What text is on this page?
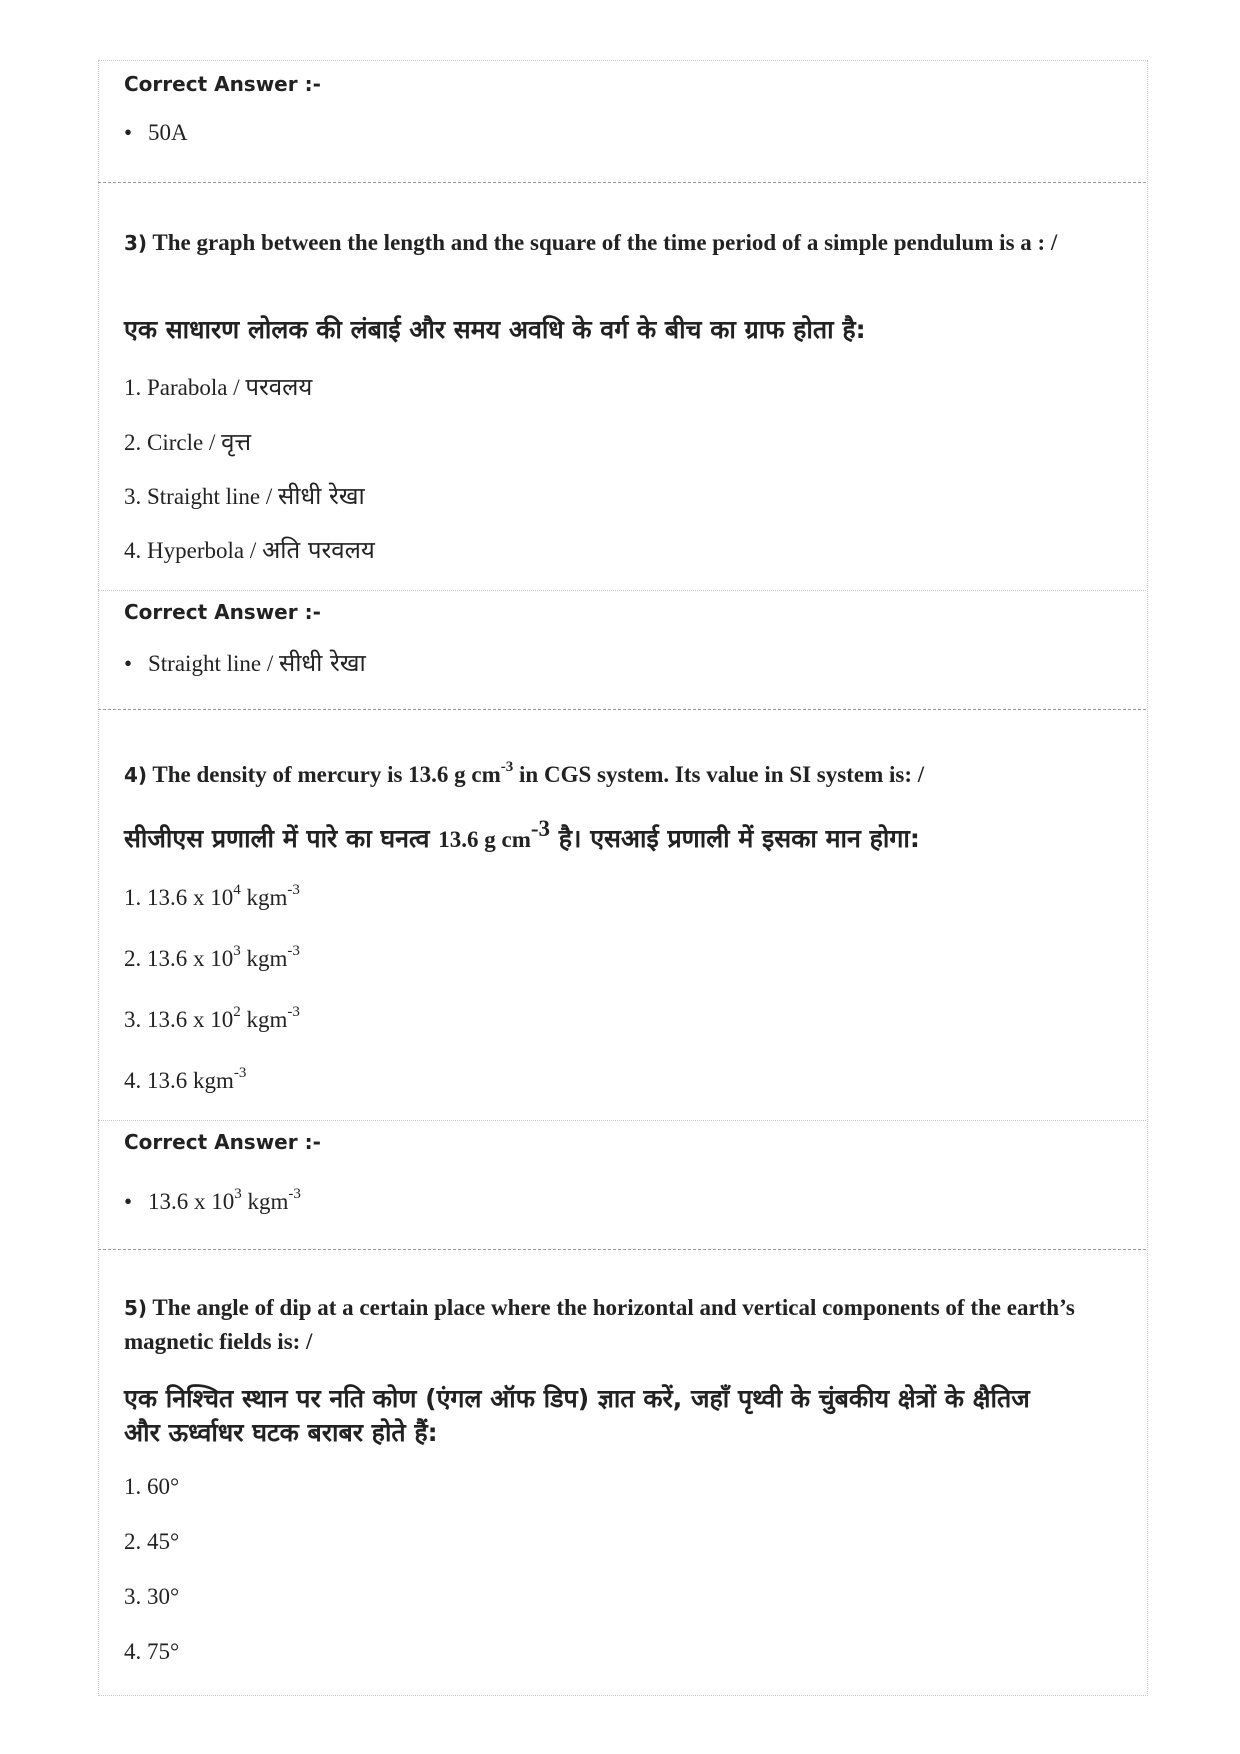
Correct Answer :-
• 50A
3) The graph between the length and the square of the time period of a simple pendulum is a : /
एक साधारण लोलक की लंबाई और समय अवधि के वर्ग के बीच का ग्राफ होता है:
1. Parabola / परवलय
2. Circle / वृत्त
3. Straight line / सीधी रेखा
4. Hyperbola / अति परवलय
Correct Answer :-
• Straight line / सीधी रेखा
4) The density of mercury is 13.6 g $cm^{-3}$ in CGS system. Its value in SI system is: /
सीजीएस प्रणाली में पारे का घनत्व 13.6 g $cm^{-3}$ है। एसआई प्रणाली में इसका मान होगा:
1. 13.6 x $10^4$ kgm$^{-3}$
2. 13.6 x $10^3$ kgm$^{-3}$
3. 13.6 x $10^2$ kgm$^{-3}$
4. 13.6 kgm$^{-3}$
Correct Answer :-
• 13.6 x $10^3$ kgm$^{-3}$
5) The angle of dip at a certain place where the horizontal and vertical components of the earth’s magnetic fields is: /
एक निश्चित स्थान पर नति कोण (एंगल ऑफ डिप) ज्ञात करें, जहाँ पृथ्वी के चुंबकीय क्षेत्रों के क्षैतिज
और ऊर्ध्वाधर घटक बराबर होते हैं:
1. 60°
2. 45°
3. 30°
4. 75°
